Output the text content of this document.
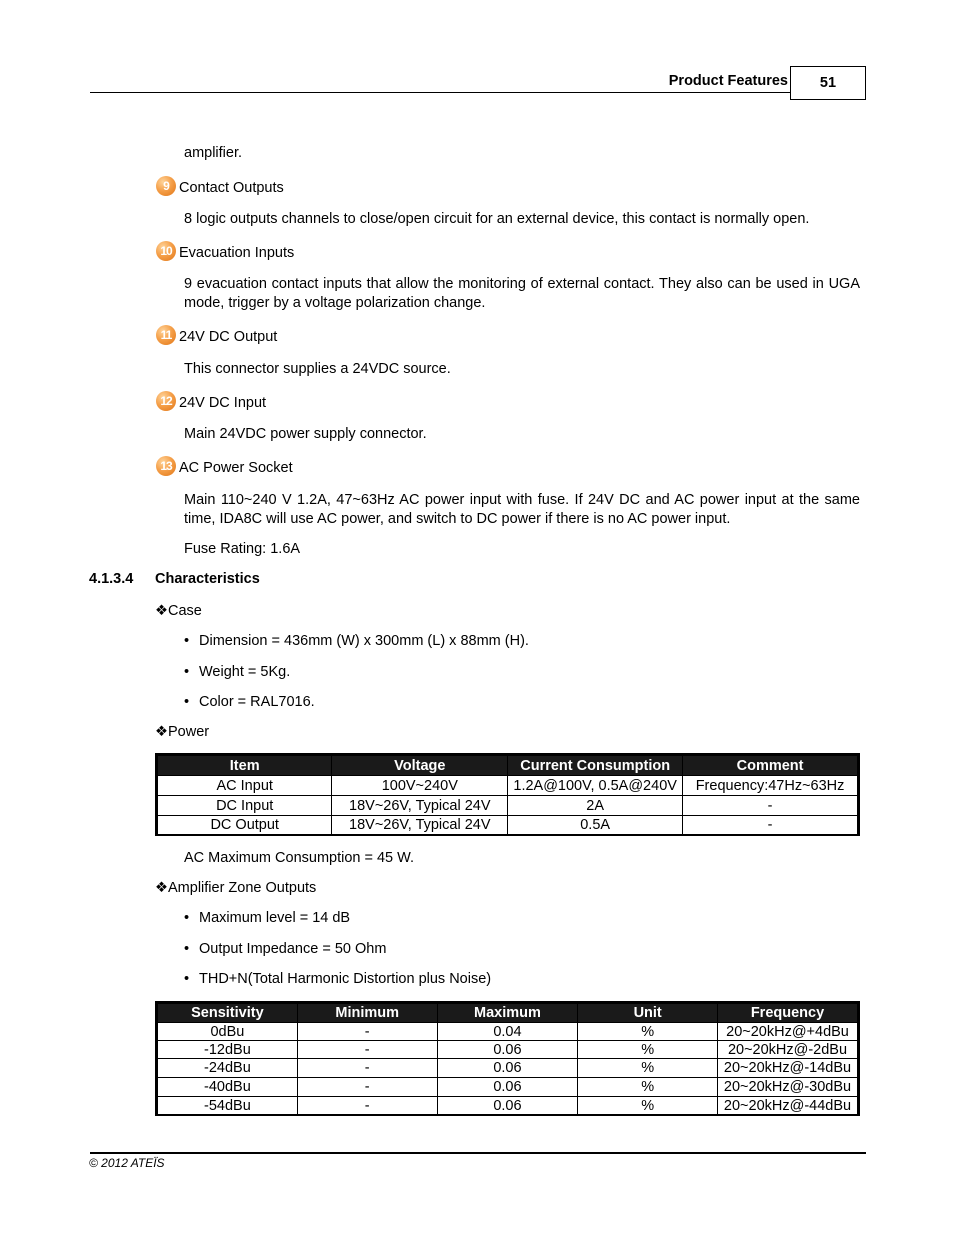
Product Features	51
amplifier.
9 Contact Outputs
8 logic outputs channels to close/open circuit for an external device, this contact is normally open.
10 Evacuation Inputs
9 evacuation contact inputs that allow the monitoring of external contact. They also can be used in UGA mode, trigger by a voltage polarization change.
11 24V DC Output
This connector supplies a 24VDC source.
12 24V DC Input
Main 24VDC power supply connector.
13 AC Power Socket
Main 110~240 V 1.2A, 47~63Hz AC power input with fuse. If 24V DC and AC power input at the same time, IDA8C will use AC power, and switch to DC power if there is no AC power input.
Fuse Rating: 1.6A
4.1.3.4 Characteristics
❖Case
• Dimension = 436mm (W) x 300mm (L) x 88mm (H).
• Weight = 5Kg.
• Color = RAL7016.
❖Power
Item	Voltage	Current Consumption	Comment
AC Input	100V~240V	1.2A@100V, 0.5A@240V	Frequency:47Hz~63Hz
DC Input	18V~26V, Typical 24V	2A	-
DC Output	18V~26V, Typical 24V	0.5A	-
AC Maximum Consumption = 45 W.
❖Amplifier Zone Outputs
• Maximum level = 14 dB
• Output Impedance = 50 Ohm
• THD+N(Total Harmonic Distortion plus Noise)
Sensitivity	Minimum	Maximum	Unit	Frequency
0dBu	-	0.04	%	20~20kHz@+4dBu
-12dBu	-	0.06	%	20~20kHz@-2dBu
-24dBu	-	0.06	%	20~20kHz@-14dBu
-40dBu	-	0.06	%	20~20kHz@-30dBu
-54dBu	-	0.06	%	20~20kHz@-44dBu
© 2012 ATEÏS
